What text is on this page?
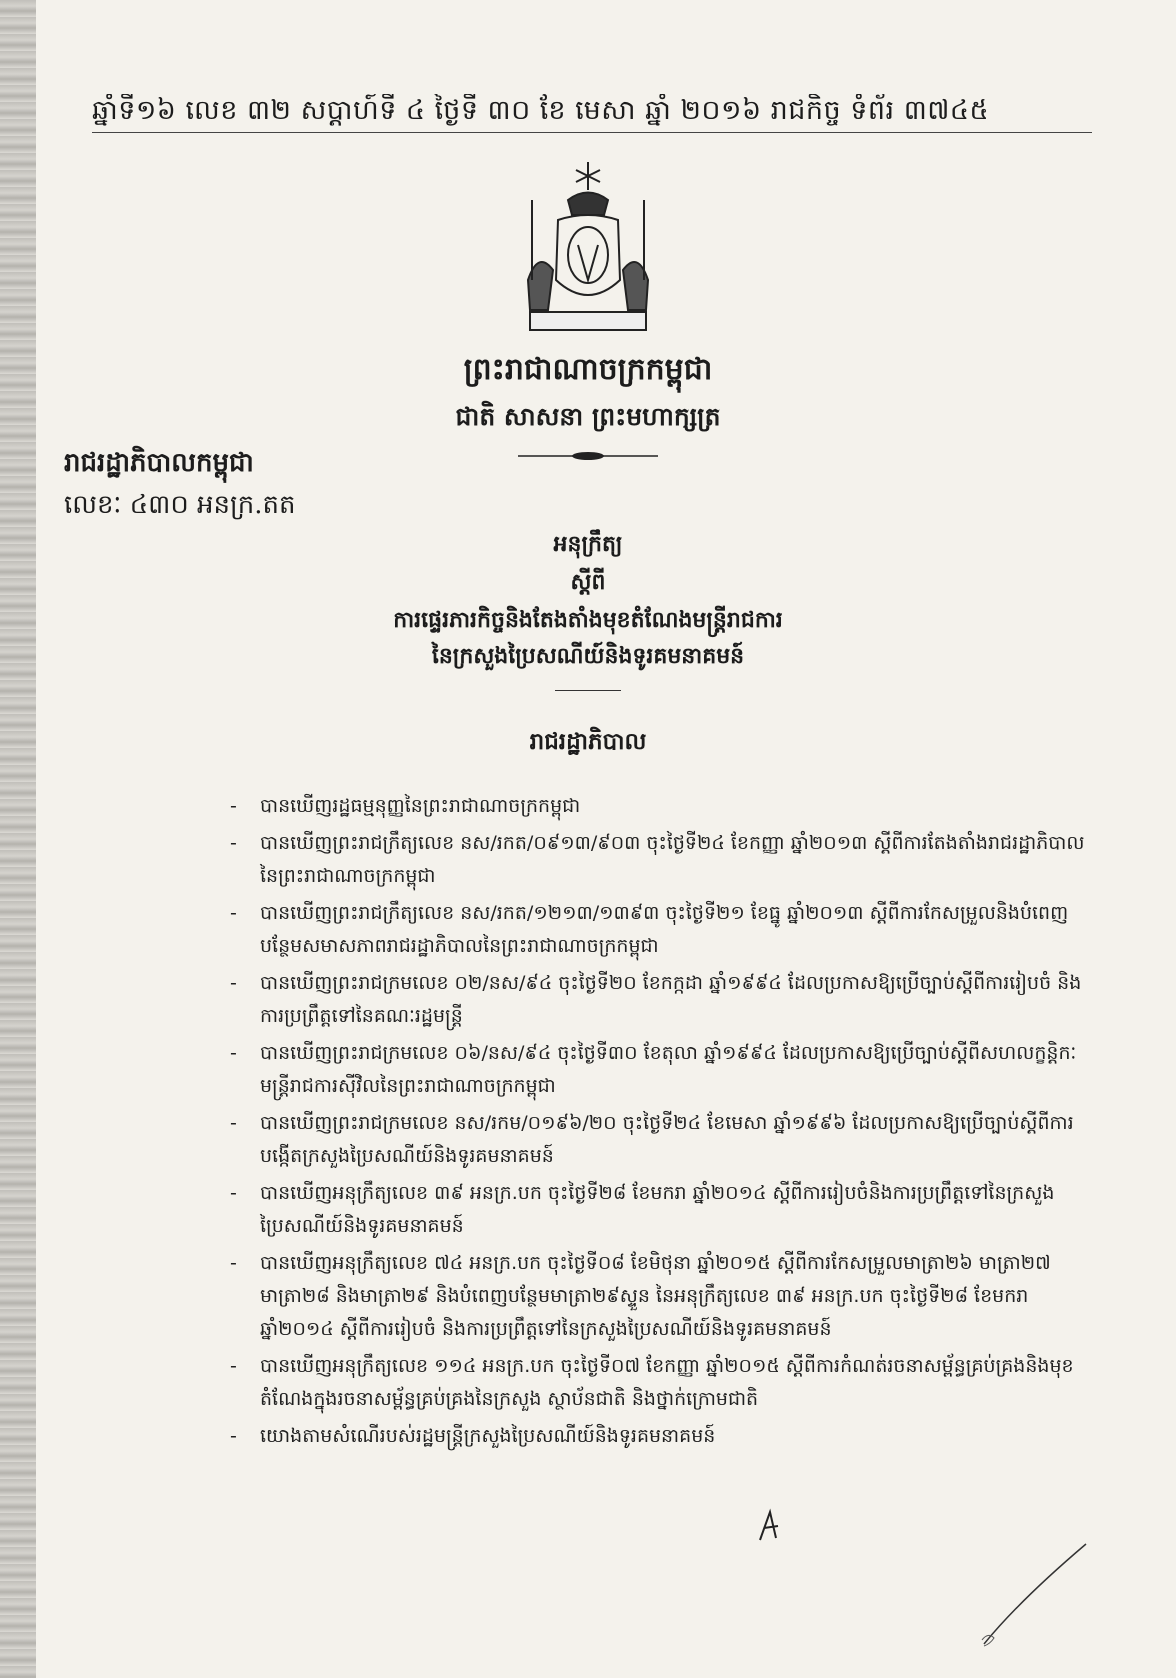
ឆ្នាំទី១៦ លេខ ៣២ សប្តាហ៍ទី ៤ ថ្ងៃទី ៣០ ខែ មេសា ឆ្នាំ ២០១៦ រាជកិច្ច ទំព័រ ៣៧៤៥
ព្រះរាជាណាចក្រកម្ពុជា
ជាតិ សាសនា ព្រះមហាក្សត្រ
រាជរដ្ឋាភិបាលកម្ពុជា
លេខៈ ៤៣០ អនក្រ.តត
អនុក្រឹត្យ
ស្តីពី
ការផ្ទេរភារកិច្ចនិងតែងតាំងមុខតំណែងមន្ត្រីរាជការ
នៃក្រសួងប្រៃសណីយ៍និងទូរគមនាគមន៍
រាជរដ្ឋាភិបាល
- បានឃើញរដ្ឋធម្មនុញ្ញនៃព្រះរាជាណាចក្រកម្ពុជា
- បានឃើញព្រះរាជក្រឹត្យលេខ នស/រកត/០៩១៣/៩០៣ ចុះថ្ងៃទី២៤ ខែកញ្ញា ឆ្នាំ២០១៣ ស្តីពីការតែងតាំងរាជរដ្ឋាភិបាលនៃព្រះរាជាណាចក្រកម្ពុជា
- បានឃើញព្រះរាជក្រឹត្យលេខ នស/រកត/១២១៣/១៣៩៣ ចុះថ្ងៃទី២១ ខែធ្នូ ឆ្នាំ២០១៣ ស្តីពីការកែសម្រួលនិងបំពេញបន្ថែមសមាសភាពរាជរដ្ឋាភិបាលនៃព្រះរាជាណាចក្រកម្ពុជា
- បានឃើញព្រះរាជក្រមលេខ ០២/នស/៩៤ ចុះថ្ងៃទី២០ ខែកក្កដា ឆ្នាំ១៩៩៤ ដែលប្រកាសឱ្យប្រើច្បាប់ស្តីពីការរៀបចំ និងការប្រព្រឹត្តទៅនៃគណៈរដ្ឋមន្ត្រី
- បានឃើញព្រះរាជក្រមលេខ ០៦/នស/៩៤ ចុះថ្ងៃទី៣០ ខែតុលា ឆ្នាំ១៩៩៤ ដែលប្រកាសឱ្យប្រើច្បាប់ស្តីពីសហលក្ខន្តិកៈមន្ត្រីរាជការស៊ីវិលនៃព្រះរាជាណាចក្រកម្ពុជា
- បានឃើញព្រះរាជក្រមលេខ នស/រកម/០១៩៦/២០ ចុះថ្ងៃទី២៤ ខែមេសា ឆ្នាំ១៩៩៦ ដែលប្រកាសឱ្យប្រើច្បាប់ស្តីពីការបង្កើតក្រសួងប្រៃសណីយ៍និងទូរគមនាគមន៍
- បានឃើញអនុក្រឹត្យលេខ ៣៩ អនក្រ.បក ចុះថ្ងៃទី២៨ ខែមករា ឆ្នាំ២០១៤ ស្តីពីការរៀបចំនិងការប្រព្រឹត្តទៅនៃក្រសួងប្រៃសណីយ៍និងទូរគមនាគមន៍
- បានឃើញអនុក្រឹត្យលេខ ៧៤ អនក្រ.បក ចុះថ្ងៃទី០៨ ខែមិថុនា ឆ្នាំ២០១៥ ស្តីពីការកែសម្រួលមាត្រា២៦ មាត្រា២៧ មាត្រា២៨ និងមាត្រា២៩ និងបំពេញបន្ថែមមាត្រា២៩ស្ទួន នៃអនុក្រឹត្យលេខ ៣៩ អនក្រ.បក ចុះថ្ងៃទី២៨ ខែមករា ឆ្នាំ២០១៤ ស្តីពីការរៀបចំ និងការប្រព្រឹត្តទៅនៃក្រសួងប្រៃសណីយ៍និងទូរគមនាគមន៍
- បានឃើញអនុក្រឹត្យលេខ ១១៤ អនក្រ.បក ចុះថ្ងៃទី០៧ ខែកញ្ញា ឆ្នាំ២០១៥ ស្តីពីការកំណត់រចនាសម្ព័ន្ធគ្រប់គ្រងនិងមុខតំណែងក្នុងរចនាសម្ព័ន្ធគ្រប់គ្រងនៃក្រសួង ស្ថាប័នជាតិ និងថ្នាក់ក្រោមជាតិ
- យោងតាមសំណើរបស់រដ្ឋមន្ត្រីក្រសួងប្រៃសណីយ៍និងទូរគមនាគមន៍
